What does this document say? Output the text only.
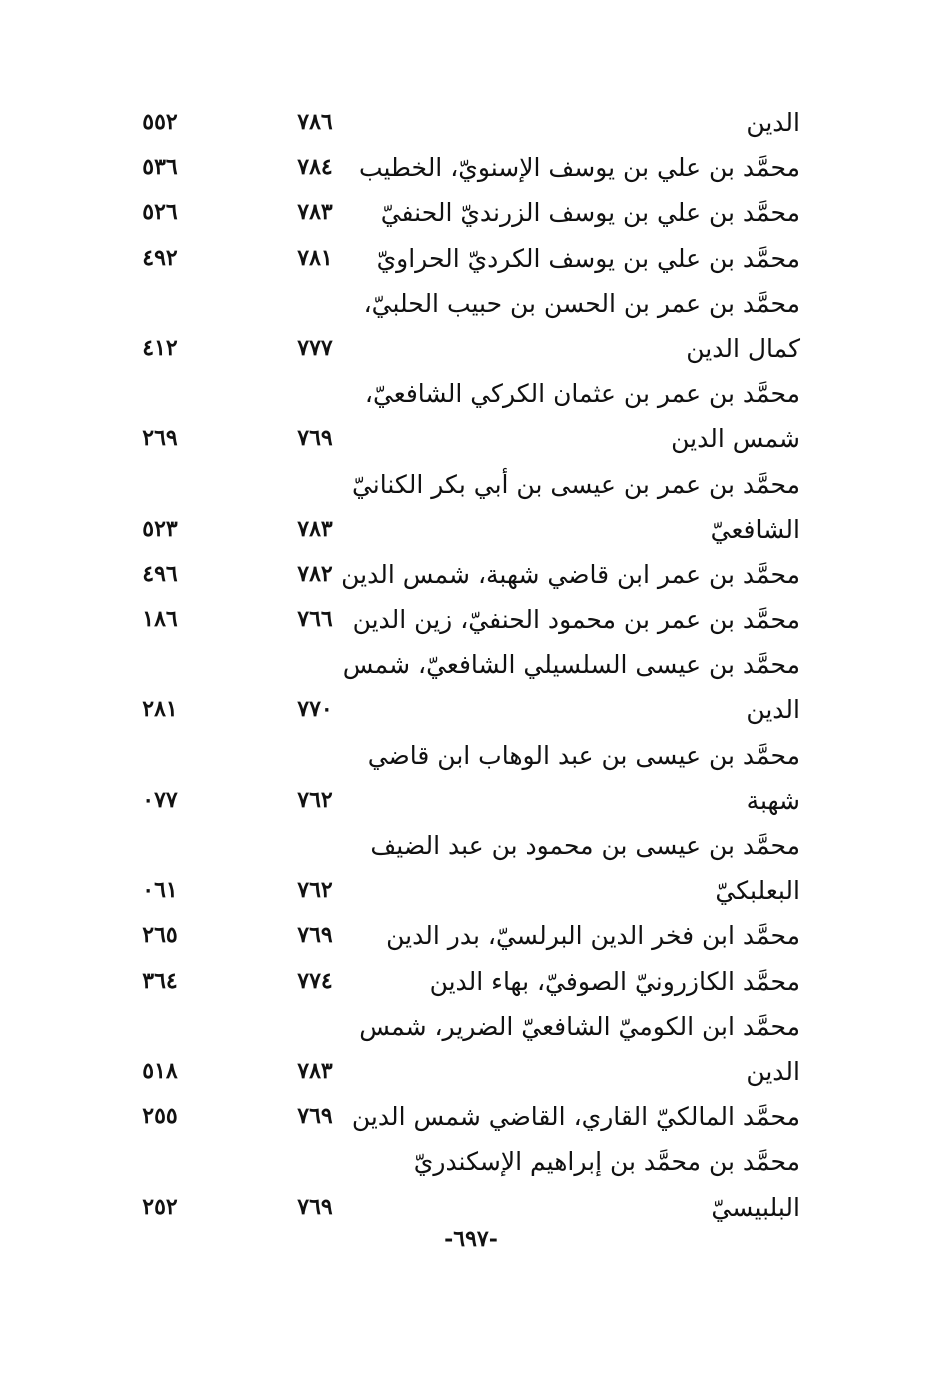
الدين
٧٨٦
٥٥٢
محمَّد بن علي بن يوسف الإسنويّ، الخطيب
٧٨٤
٥٣٦
محمَّد بن علي بن يوسف الزرنديّ الحنفيّ
٧٨٣
٥٢٦
محمَّد بن علي بن يوسف الكرديّ الحراويّ
٧٨١
٤٩٢
محمَّد بن عمر بن الحسن بن حبيب الحلبيّ،
كمال الدين
٧٧٧
٤١٢
محمَّد بن عمر بن عثمان الكركي الشافعيّ،
شمس الدين
٧٦٩
٢٦٩
محمَّد بن عمر بن عيسى بن أبي بكر الكنانيّ
الشافعيّ
٧٨٣
٥٢٣
محمَّد بن عمر ابن قاضي شهبة، شمس الدين
٧٨٢
٤٩٦
محمَّد بن عمر بن محمود الحنفيّ، زين الدين
٧٦٦
١٨٦
محمَّد بن عيسى السلسيلي الشافعيّ، شمس
الدين
٧٧٠
٢٨١
محمَّد بن عيسى بن عبد الوهاب ابن قاضي
شهبة
٧٦٢
٠٧٧
محمَّد بن عيسى بن محمود بن عبد الضيف
البعلبكيّ
٧٦٢
٠٦١
محمَّد ابن فخر الدين البرلسيّ، بدر الدين
٧٦٩
٢٦٥
محمَّد الكازرونيّ الصوفيّ، بهاء الدين
٧٧٤
٣٦٤
محمَّد ابن الكوميّ الشافعيّ الضرير، شمس
الدين
٧٨٣
٥١٨
محمَّد المالكيّ القاري، القاضي شمس الدين
٧٦٩
٢٥٥
محمَّد بن محمَّد بن إبراهيم الإسكندريّ
البلبيسيّ
٧٦٩
٢٥٢
-٦٩٧-
